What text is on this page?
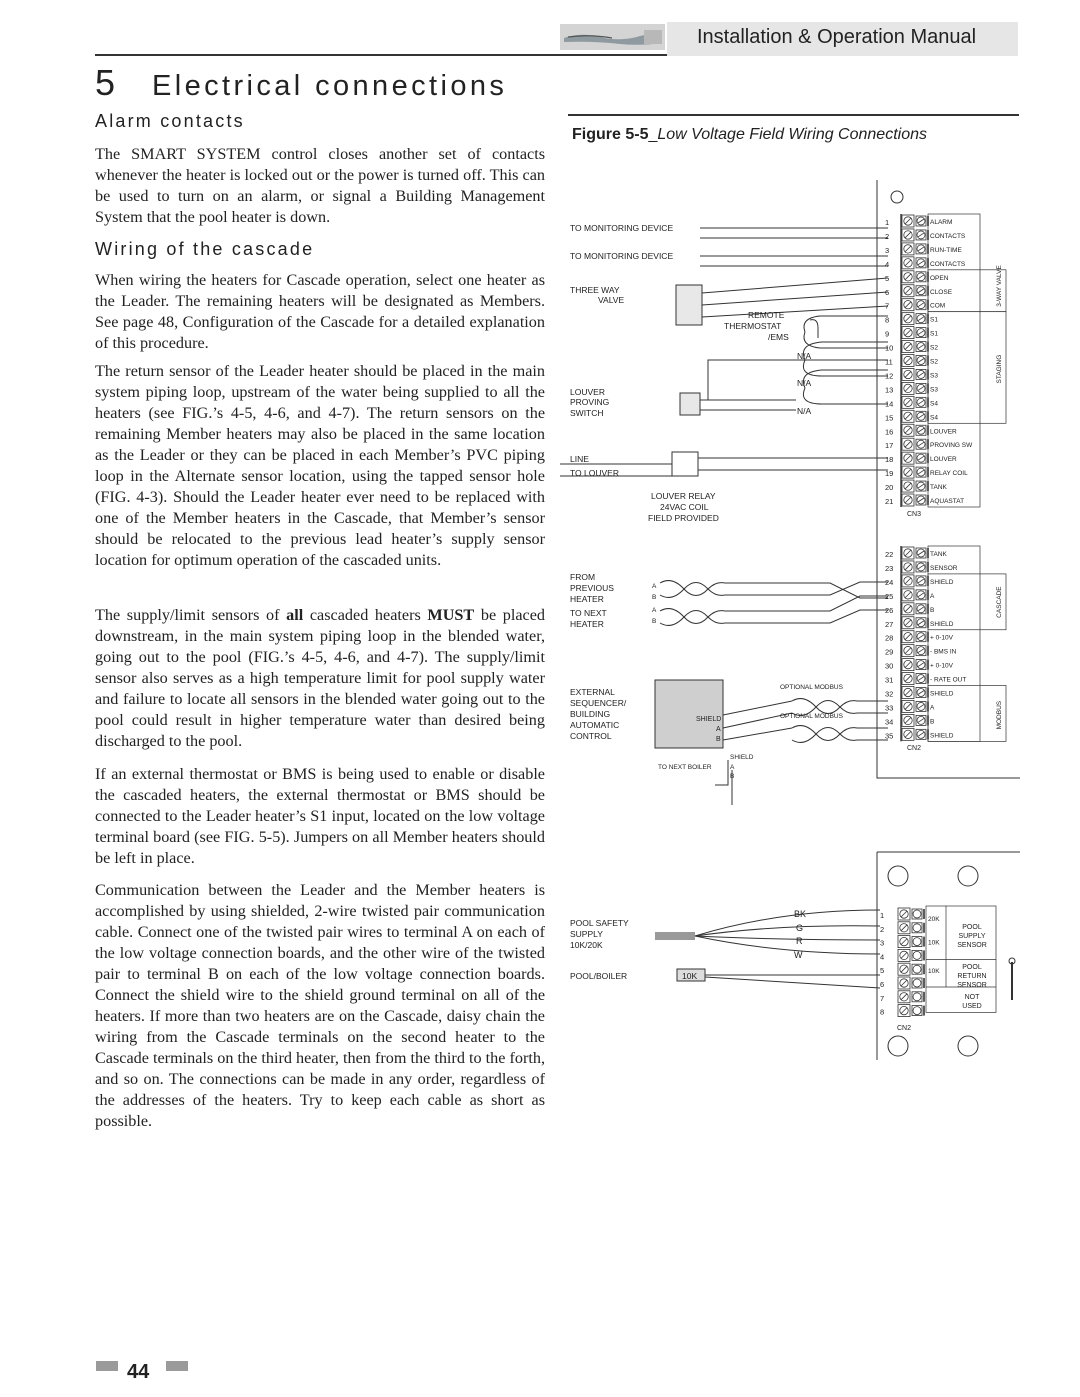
Installation & Operation Manual
5 Electrical connections
Alarm contacts

The SMART SYSTEM control closes another set of contacts whenever the heater is locked out or the power is turned off. This can be used to turn on an alarm, or signal a Building Management System that the pool heater is down.

Wiring of the cascade

When wiring the heaters for Cascade operation, select one heater as the Leader. The remaining heaters will be designated as Members. See page 48, Configuration of the Cascade for a detailed explanation of this procedure.

The return sensor of the Leader heater should be placed in the main system piping loop, upstream of the water being supplied to all the heaters (see FIG.’s 4-5, 4-6, and 4-7). The return sensors on the remaining Member heaters may also be placed in the same location as the Leader or they can be placed in each Member’s PVC piping loop in the Alternate sensor location, using the tapped sensor hole (FIG. 4-3). Should the Leader heater ever need to be replaced with one of the Member heaters in the Cascade, that Member’s sensor should be relocated to the previous lead heater’s supply sensor location for optimum operation of the cascaded units.

The supply/limit sensors of all cascaded heaters MUST be placed downstream, in the main system piping loop in the blended water, going out to the pool (FIG.’s 4-5, 4-6, and 4-7). The supply/limit sensor also serves as a high temperature limit for pool supply water and failure to locate all sensors in the blended water going out to the pool could result in higher temperature water than desired being discharged to the pool.

If an external thermostat or BMS is being used to enable or disable the cascaded heaters, the external thermostat or BMS should be connected to the Leader heater’s S1 input, located on the low voltage terminal board (see FIG. 5-5). Jumpers on all Member heaters should be left in place.

Communication between the Leader and the Member heaters is accomplished by using shielded, 2-wire twisted pair communication cable. Connect one of the twisted pair wires to terminal A on each of the low voltage connection boards, and the other wire of the twisted pair to terminal B on each of the low voltage connection boards. Connect the shield wire to the shield ground terminal on all of the heaters. If more than two heaters are on the Cascade, daisy chain the wiring from the Cascade terminals on the second heater to the Cascade terminals on the third heater, then from the third to the forth, and so on. The connections can be made in any order, regardless of the addresses of the heaters. Try to keep each cable as short as possible.

Figure 5-5_Low Voltage Field Wiring Connections
TO MONITORING DEVICE
TO MONITORING DEVICE
THREE WAY
VALVE
REMOTE
THERMOSTAT
/EMS
N/A
N/A
N/A
LOUVER
PROVING
SWITCH
LINE
TO LOUVER
LOUVER RELAY
24VAC COIL
FIELD PROVIDED
FROM
PREVIOUS
HEATER
TO NEXT
HEATER
A
B
A
B
OPTIONAL MODBUS
OPTIONAL MODBUS
EXTERNAL
SEQUENCER/
BUILDING
AUTOMATIC
CONTROL
SHIELD
A
B
SHIELD
TO NEXT BOILER	A
B
POOL SAFETY
SUPPLY
10K/20K
POOL/BOILER	10K
BK
G
R
W
CN3
CN2
CN2
1	ALARM
2	CONTACTS
3	RUN-TIME
4	CONTACTS
5	OPEN
6	CLOSE
7	COM
8	S1
9	S1
10	S2
11	S2
12	S3
13	S3
14	S4
15	S4
16	LOUVER
17	PROVING SW
18	LOUVER
19	RELAY COIL
20	TANK
21	AQUASTAT
22	TANK
23	SENSOR
24	SHIELD
25	A
26	B
27	SHIELD
28	+ 0-10V
29	- BMS IN
30	+ 0-10V
31	- RATE OUT
32	SHIELD
33	A
34	B
35	SHIELD
3-WAY VALVE
STAGING
CASCADE
MODBUS
1
2
3
4
5
6
7
8
20K
10K
10K
POOL
SUPPLY
SENSOR
POOL
RETURN
SENSOR
NOT
USED
44
